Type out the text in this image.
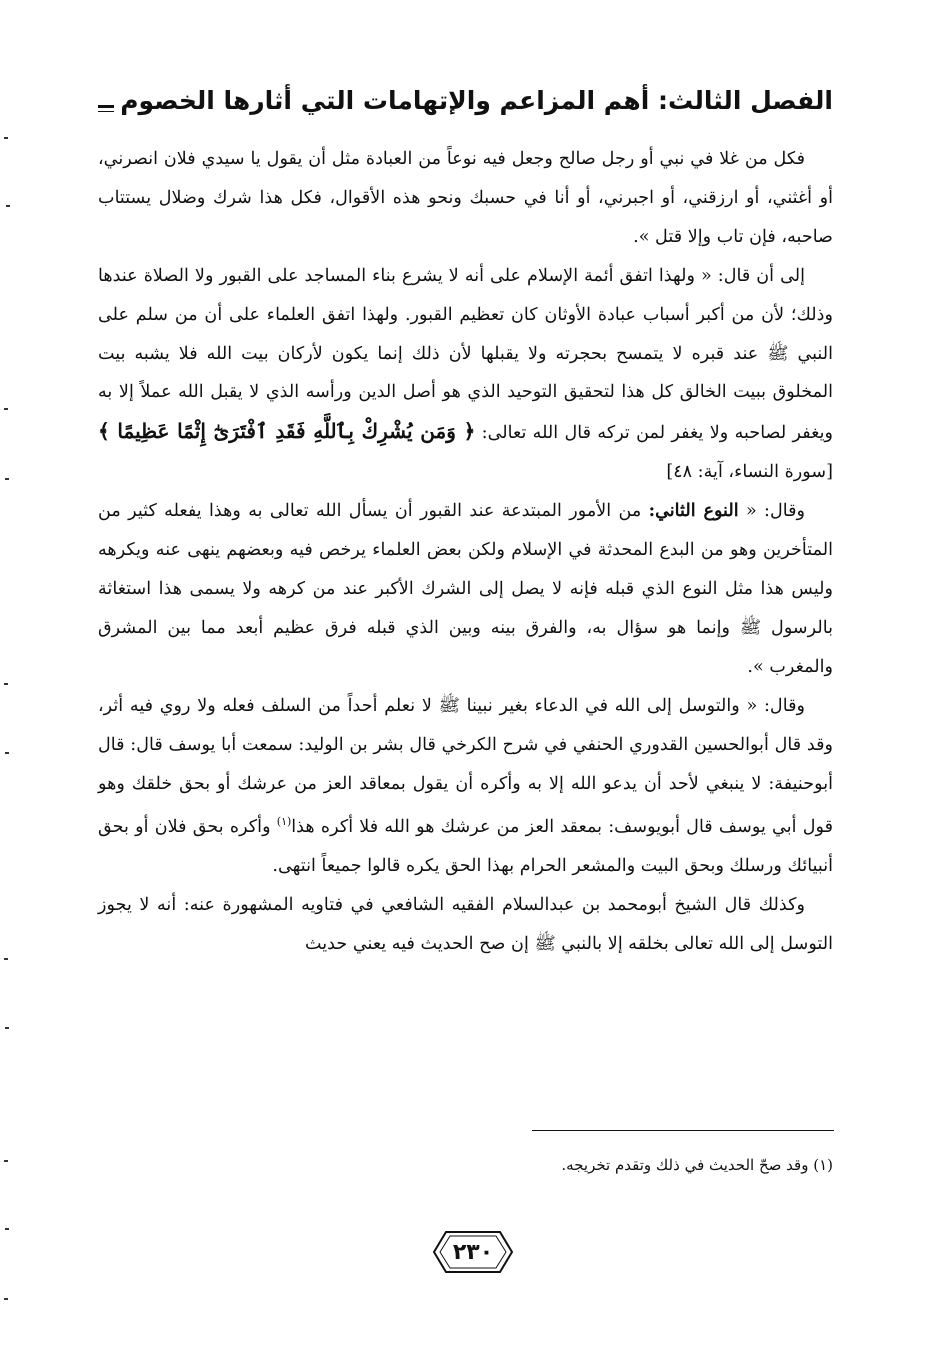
الفصل الثالث: أهم المزاعم والإتهامات التي أثارها الخصوم

فكل من غلا في نبي أو رجل صالح وجعل فيه نوعاً من العبادة مثل أن يقول يا سيدي فلان انصرني، أو أغثني، أو ارزقني، أو اجبرني، أو أنا في حسبك ونحو هذه الأقوال، فكل هذا شرك وضلال يستتاب صاحبه، فإن تاب وإلا قتل ».

إلى أن قال: « ولهذا اتفق أئمة الإسلام على أنه لا يشرع بناء المساجد على القبور ولا الصلاة عندها وذلك؛ لأن من أكبر أسباب عبادة الأوثان كان تعظيم القبور. ولهذا اتفق العلماء على أن من سلم على النبي ﷺ عند قبره لا يتمسح بحجرته ولا يقبلها لأن ذلك إنما يكون لأركان بيت الله فلا يشبه بيت المخلوق ببيت الخالق كل هذا لتحقيق التوحيد الذي هو أصل الدين ورأسه الذي لا يقبل الله عملاً إلا به ويغفر لصاحبه ولا يغفر لمن تركه قال الله تعالى: ﴿ وَمَن يُشْرِكْ بِٱللَّهِ فَقَدِ ٱفْتَرَىٰٓ إِثْمًا عَظِيمًا ﴾ [سورة النساء، آية: ٤٨]

وقال: « النوع الثاني: من الأمور المبتدعة عند القبور أن يسأل الله تعالى به وهذا يفعله كثير من المتأخرين وهو من البدع المحدثة في الإسلام ولكن بعض العلماء يرخص فيه وبعضهم ينهى عنه ويكرهه وليس هذا مثل النوع الذي قبله فإنه لا يصل إلى الشرك الأكبر عند من كرهه ولا يسمى هذا استغاثة بالرسول ﷺ وإنما هو سؤال به، والفرق بينه وبين الذي قبله فرق عظيم أبعد مما بين المشرق والمغرب ».

وقال: « والتوسل إلى الله في الدعاء بغير نبينا ﷺ لا نعلم أحداً من السلف فعله ولا روي فيه أثر، وقد قال أبوالحسين القدوري الحنفي في شرح الكرخي قال بشر بن الوليد: سمعت أبا يوسف قال: قال أبوحنيفة: لا ينبغي لأحد أن يدعو الله إلا به وأكره أن يقول بمعاقد العز من عرشك أو بحق خلقك وهو قول أبي يوسف قال أبويوسف: بمعقد العز من عرشك هو الله فلا أكره هذا$^{(١)}$ وأكره بحق فلان أو بحق أنبيائك ورسلك وبحق البيت والمشعر الحرام بهذا الحق يكره قالوا جميعاً انتهى.

وكذلك قال الشيخ أبومحمد بن عبدالسلام الفقيه الشافعي في فتاويه المشهورة عنه: أنه لا يجوز التوسل إلى الله تعالى بخلقه إلا بالنبي ﷺ إن صح الحديث فيه يعني حديث

(١) وقد صحّ الحديث في ذلك وتقدم تخريجه.
٢٣٠
